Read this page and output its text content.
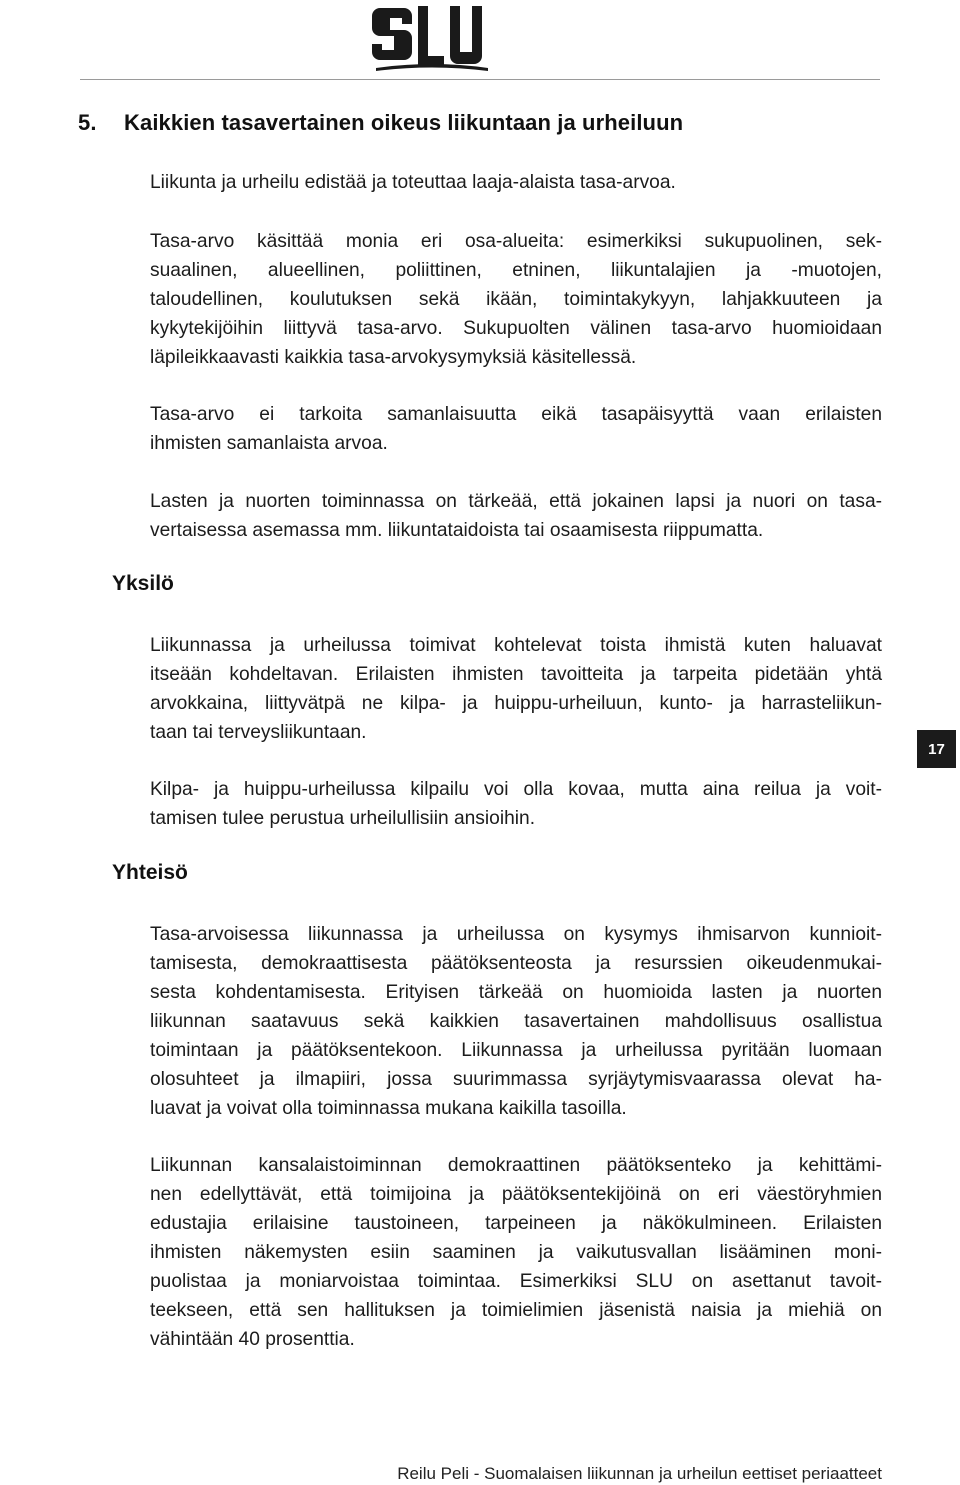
5. Kaikkien tasavertainen oikeus liikuntaan ja urheiluun

Liikunta ja urheilu edistää ja toteuttaa laaja-alaista tasa-arvoa.

Tasa-arvo käsittää monia eri osa-alueita: esimerkiksi sukupuolinen, sek-
suaalinen, alueellinen, poliittinen, etninen, liikuntalajien ja -muotojen,
taloudellinen, koulutuksen sekä ikään, toimintakykyyn, lahjakkuuteen ja
kykytekijöihin liittyvä tasa-arvo. Sukupuolten välinen tasa-arvo huomioidaan
läpileikkaavasti kaikkia tasa-arvokysymyksiä käsitellessä.

Tasa-arvo ei tarkoita samanlaisuutta eikä tasapäisyyttä vaan erilaisten
ihmisten samanlaista arvoa.

Lasten ja nuorten toiminnassa on tärkeää, että jokainen lapsi ja nuori on tasa-
vertaisessa asemassa mm. liikuntataidoista tai osaamisesta riippumatta.

Yksilö

Liikunnassa ja urheilussa toimivat kohtelevat toista ihmistä kuten haluavat
itseään kohdeltavan. Erilaisten ihmisten tavoitteita ja tarpeita pidetään yhtä
arvokkaina, liittyvätpä ne kilpa- ja huippu-urheiluun, kunto- ja harrasteliikun-
taan tai terveysliikuntaan.

Kilpa- ja huippu-urheilussa kilpailu voi olla kovaa, mutta aina reilua ja voit-
tamisen tulee perustua urheilullisiin ansioihin.

17
Yhteisö

Tasa-arvoisessa liikunnassa ja urheilussa on kysymys ihmisarvon kunnioit-
tamisesta, demokraattisesta päätöksenteosta ja resurssien oikeudenmukai-
sesta kohdentamisesta. Erityisen tärkeää on huomioida lasten ja nuorten
liikunnan saatavuus sekä kaikkien tasavertainen mahdollisuus osallistua
toimintaan ja päätöksentekoon. Liikunnassa ja urheilussa pyritään luomaan
olosuhteet ja ilmapiiri, jossa suurimmassa syrjäytymisvaarassa olevat ha-
luavat ja voivat olla toiminnassa mukana kaikilla tasoilla.

Liikunnan kansalaistoiminnan demokraattinen päätöksenteko ja kehittämi-
nen edellyttävät, että toimijoina ja päätöksentekijöinä on eri väestöryhmien
edustajia erilaisine taustoineen, tarpeineen ja näkökulmineen. Erilaisten
ihmisten näkemysten esiin saaminen ja vaikutusvallan lisääminen moni-
puolistaa ja moniarvoistaa toimintaa. Esimerkiksi SLU on asettanut tavoit-
teekseen, että sen hallituksen ja toimielimien jäsenistä naisia ja miehiä on
vähintään 40 prosenttia.

Reilu Peli - Suomalaisen liikunnan ja urheilun eettiset periaatteet
